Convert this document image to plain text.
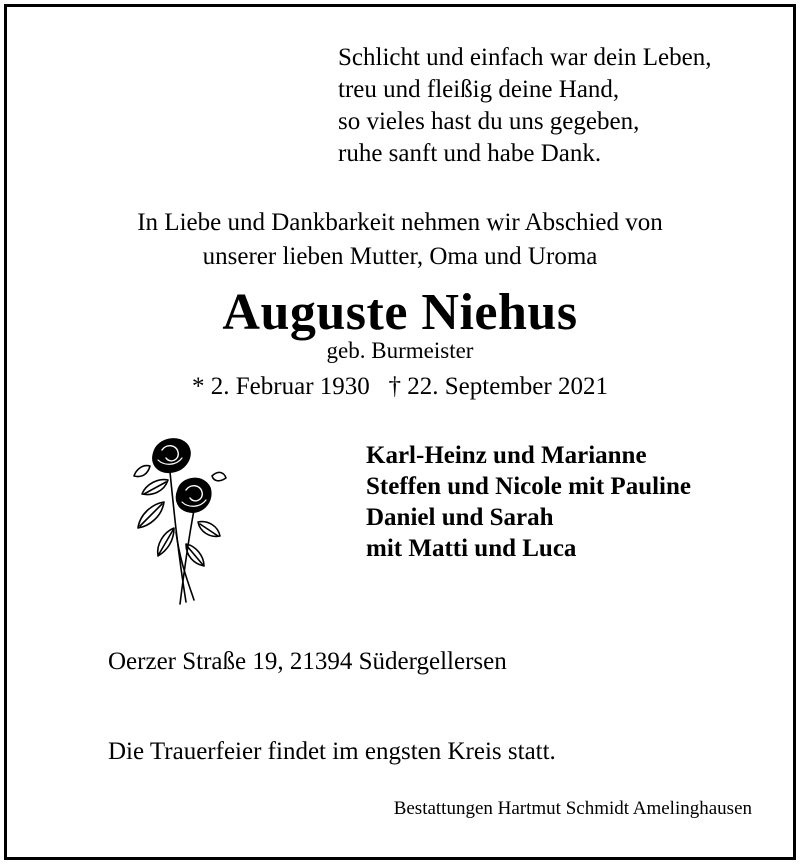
Schlicht und einfach war dein Leben,
treu und fleißig deine Hand,
so vieles hast du uns gegeben,
ruhe sanft und habe Dank.
In Liebe und Dankbarkeit nehmen wir Abschied von
unserer lieben Mutter, Oma und Uroma
Auguste Niehus
geb. Burmeister
* 2. Februar 1930 † 22. September 2021
Karl-Heinz und Marianne
Steffen und Nicole mit Pauline
Daniel und Sarah
mit Matti und Luca
Oerzer Straße 19, 21394 Südergellersen
Die Trauerfeier findet im engsten Kreis statt.
Bestattungen Hartmut Schmidt Amelinghausen
